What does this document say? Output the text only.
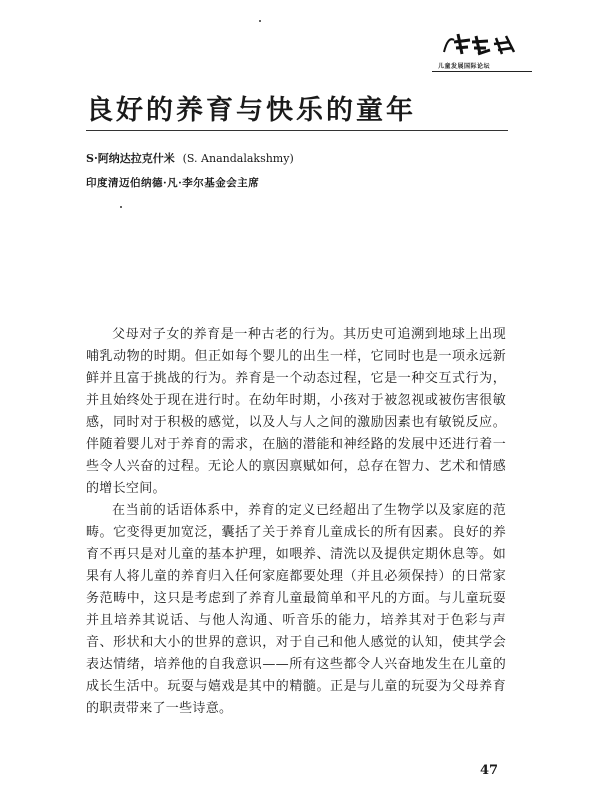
儿童发展国际论坛
良好的养育与快乐的童年
S·阿纳达拉克什米 (S. Anandalakshmy)
印度清迈伯纳德·凡·李尔基金会主席

父母对子女的养育是一种古老的行为。其历史可追溯到地球上出现哺乳动物的时期。但正如每个婴儿的出生一样，它同时也是一项永远新鲜并且富于挑战的行为。养育是一个动态过程，它是一种交互式行为，并且始终处于现在进行时。在幼年时期，小孩对于被忽视或被伤害很敏感，同时对于积极的感觉，以及人与人之间的激励因素也有敏锐反应。伴随着婴儿对于养育的需求，在脑的潜能和神经路的发展中还进行着一些令人兴奋的过程。无论人的禀因禀赋如何，总存在智力、艺术和情感的增长空间。

在当前的话语体系中，养育的定义已经超出了生物学以及家庭的范畴。它变得更加宽泛，囊括了关于养育儿童成长的所有因素。良好的养育不再只是对儿童的基本护理，如喂养、清洗以及提供定期休息等。如果有人将儿童的养育归入任何家庭都要处理（并且必须保持）的日常家务范畴中，这只是考虑到了养育儿童最简单和平凡的方面。与儿童玩耍并且培养其说话、与他人沟通、听音乐的能力，培养其对于色彩与声音、形状和大小的世界的意识，对于自己和他人感觉的认知，使其学会表达情绪，培养他的自我意识——所有这些都令人兴奋地发生在儿童的成长生活中。玩耍与嬉戏是其中的精髓。正是与儿童的玩耍为父母养育的职责带来了一些诗意。

47
